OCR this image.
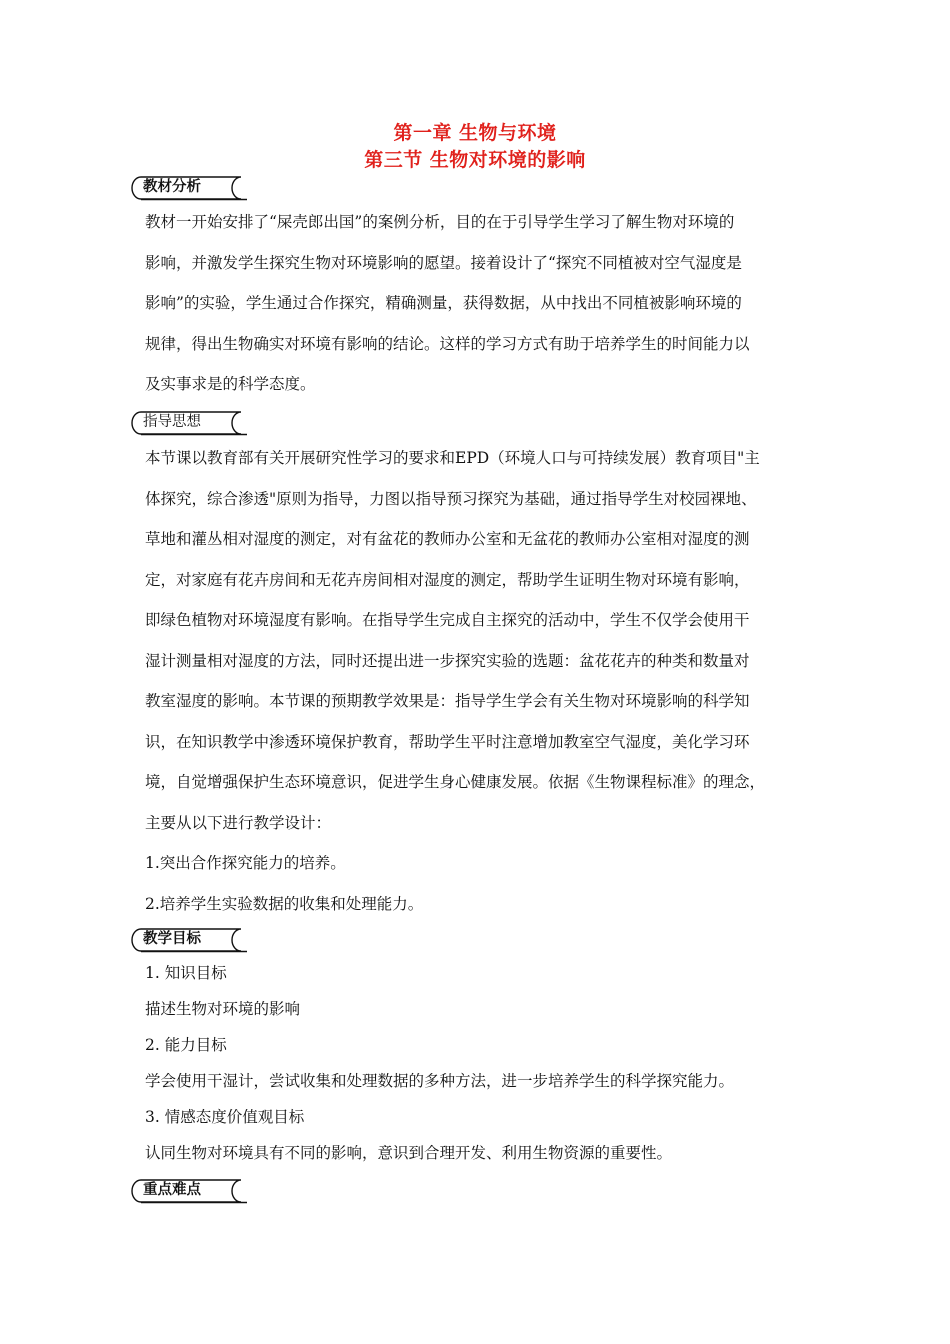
第一章 生物与环境
第三节 生物对环境的影响
教材分析
教材一开始安排了“屎壳郎出国”的案例分析，目的在于引导学生学习了解生物对环境的
影响，并激发学生探究生物对环境影响的愿望。接着设计了“探究不同植被对空气湿度是
影响”的实验，学生通过合作探究，精确测量，获得数据，从中找出不同植被影响环境的
规律，得出生物确实对环境有影响的结论。这样的学习方式有助于培养学生的时间能力以
及实事求是的科学态度。
指导思想
本节课以教育部有关开展研究性学习的要求和EPD（环境人口与可持续发展）教育项目"主
体探究，综合渗透"原则为指导，力图以指导预习探究为基础，通过指导学生对校园裸地、
草地和灌丛相对湿度的测定，对有盆花的教师办公室和无盆花的教师办公室相对湿度的测
定，对家庭有花卉房间和无花卉房间相对湿度的测定，帮助学生证明生物对环境有影响，
即绿色植物对环境湿度有影响。在指导学生完成自主探究的活动中，学生不仅学会使用干
湿计测量相对湿度的方法，同时还提出进一步探究实验的选题：盆花花卉的种类和数量对
教室湿度的影响。本节课的预期教学效果是：指导学生学会有关生物对环境影响的科学知
识，在知识教学中渗透环境保护教育，帮助学生平时注意增加教室空气湿度，美化学习环
境，自觉增强保护生态环境意识，促进学生身心健康发展。依据《生物课程标准》的理念，
主要从以下进行教学设计：
1.突出合作探究能力的培养。
2.培养学生实验数据的收集和处理能力。
教学目标
1. 知识目标
描述生物对环境的影响
2. 能力目标
学会使用干湿计，尝试收集和处理数据的多种方法，进一步培养学生的科学探究能力。
3. 情感态度价值观目标
认同生物对环境具有不同的影响，意识到合理开发、利用生物资源的重要性。
重点难点
